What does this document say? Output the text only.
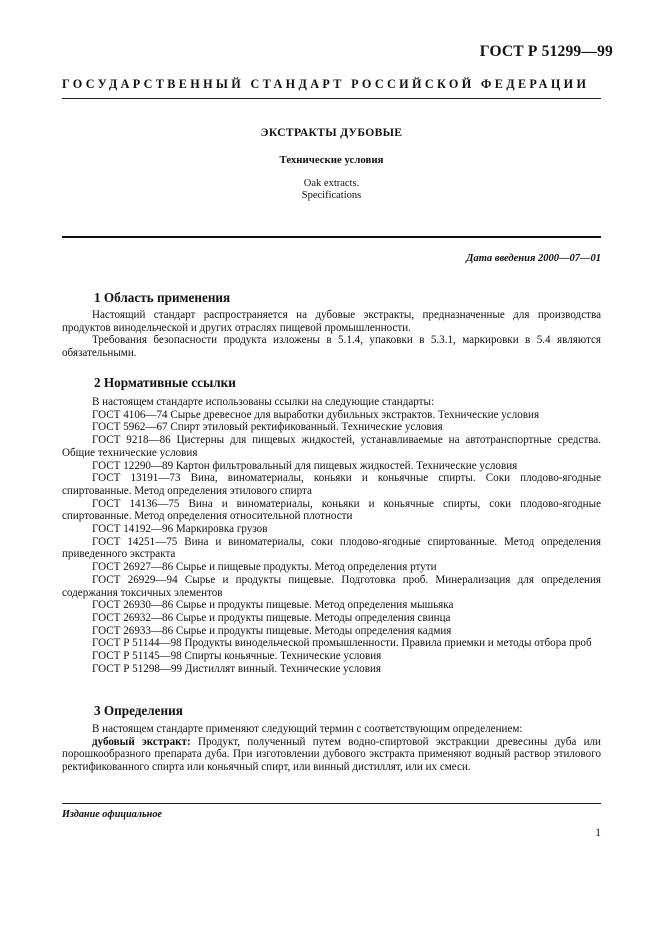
ГОСТ Р 51299—99
ГОСУДАРСТВЕННЫЙ СТАНДАРТ РОССИЙСКОЙ ФЕДЕРАЦИИ
ЭКСТРАКТЫ ДУБОВЫЕ
Технические условия
Oak extracts.
Specifications
Дата введения 2000—07—01
1 Область применения

Настоящий стандарт распространяется на дубовые экстракты, предназначенные для производства продуктов винодельческой и других отраслях пищевой промышленности.

Требования безопасности продукта изложены в 5.1.4, упаковки в 5.3.1, маркировки в 5.4 являются обязательными.

2 Нормативные ссылки

В настоящем стандарте использованы ссылки на следующие стандарты:

ГОСТ 4106—74 Сырье древесное для выработки дубильных экстрактов. Технические условия

ГОСТ 5962—67 Спирт этиловый ректификованный. Технические условия

ГОСТ 9218—86 Цистерны для пищевых жидкостей, устанавливаемые на автотранспортные средства. Общие технические условия

ГОСТ 12290—89 Картон фильтровальный для пищевых жидкостей. Технические условия

ГОСТ 13191—73 Вина, виноматериалы, коньяки и коньячные спирты. Соки плодово-ягодные спиртованные. Метод определения этилового спирта

ГОСТ 14136—75 Вина и виноматериалы, коньяки и коньячные спирты, соки плодово-ягодные спиртованные. Метод определения относительной плотности

ГОСТ 14192—96 Маркировка грузов

ГОСТ 14251—75 Вина и виноматериалы, соки плодово-ягодные спиртованные. Метод определения приведенного экстракта

ГОСТ 26927—86 Сырье и пищевые продукты. Метод определения ртути

ГОСТ 26929—94 Сырье и продукты пищевые. Подготовка проб. Минерализация для определения содержания токсичных элементов

ГОСТ 26930—86 Сырье и продукты пищевые. Метод определения мышьяка

ГОСТ 26932—86 Сырье и продукты пищевые. Методы определения свинца

ГОСТ 26933—86 Сырье и продукты пищевые. Методы определения кадмия

ГОСТ Р 51144—98 Продукты винодельческой промышленности. Правила приемки и методы отбора проб

ГОСТ Р 51145—98 Спирты коньячные. Технические условия

ГОСТ Р 51298—99 Дистиллят винный. Технические условия

3 Определения

В настоящем стандарте применяют следующий термин с соответствующим определением:

дубовый экстракт: Продукт, полученный путем водно-спиртовой экстракции древесины дуба или порошкообразного препарата дуба. При изготовлении дубового экстракта применяют водный раствор этилового ректификованного спирта или коньячный спирт, или винный дистиллят, или их смеси.

Издание официальное
1
